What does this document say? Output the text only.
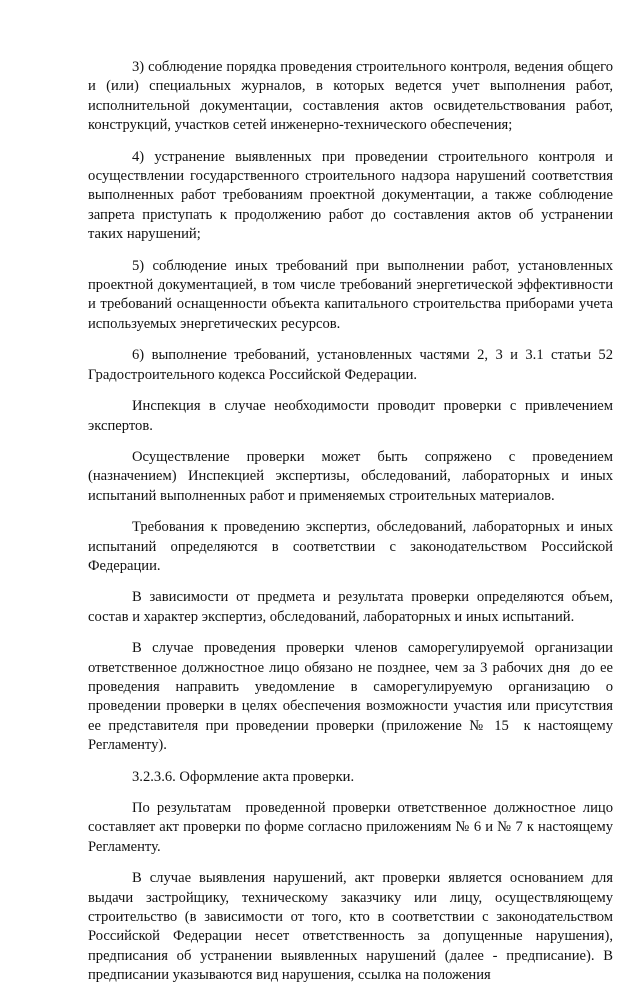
3) соблюдение порядка проведения строительного контроля, ведения общего и (или) специальных журналов, в которых ведется учет выполнения работ, исполнительной документации, составления актов освидетельствования работ, конструкций, участков сетей инженерно-технического обеспечения;

4) устранение выявленных при проведении строительного контроля и осуществлении государственного строительного надзора нарушений соответствия выполненных работ требованиям проектной документации, а также соблюдение запрета приступать к продолжению работ до составления актов об устранении таких нарушений;

5) соблюдение иных требований при выполнении работ, установленных проектной документацией, в том числе требований энергетической эффективности и требований оснащенности объекта капитального строительства приборами учета используемых энергетических ресурсов.

6) выполнение требований, установленных частями 2, 3 и 3.1 статьи 52 Градостроительного кодекса Российской Федерации.

Инспекция в случае необходимости проводит проверки с привлечением экспертов.

Осуществление проверки может быть сопряжено с проведением (назначением) Инспекцией экспертизы, обследований, лабораторных и иных испытаний выполненных работ и применяемых строительных материалов.

Требования к проведению экспертиз, обследований, лабораторных и иных испытаний определяются в соответствии с законодательством Российской Федерации.

В зависимости от предмета и результата проверки определяются объем, состав и характер экспертиз, обследований, лабораторных и иных испытаний.

В случае проведения проверки членов саморегулируемой организации ответственное должностное лицо обязано не позднее, чем за 3 рабочих дня  до ее проведения направить уведомление в саморегулируемую организацию о проведении проверки в целях обеспечения возможности участия или присутствия ее представителя при проведении проверки (приложение № 15  к настоящему Регламенту).

3.2.3.6. Оформление акта проверки.

По результатам  проведенной проверки ответственное должностное лицо составляет акт проверки по форме согласно приложениям № 6 и № 7 к настоящему Регламенту.

В случае выявления нарушений, акт проверки является основанием для выдачи застройщику, техническому заказчику или лицу, осуществляющему строительство (в зависимости от того, кто в соответствии с законодательством Российской Федерации несет ответственность за допущенные нарушения), предписания об устранении выявленных нарушений (далее - предписание). В предписании указываются вид нарушения, ссылка на положения
